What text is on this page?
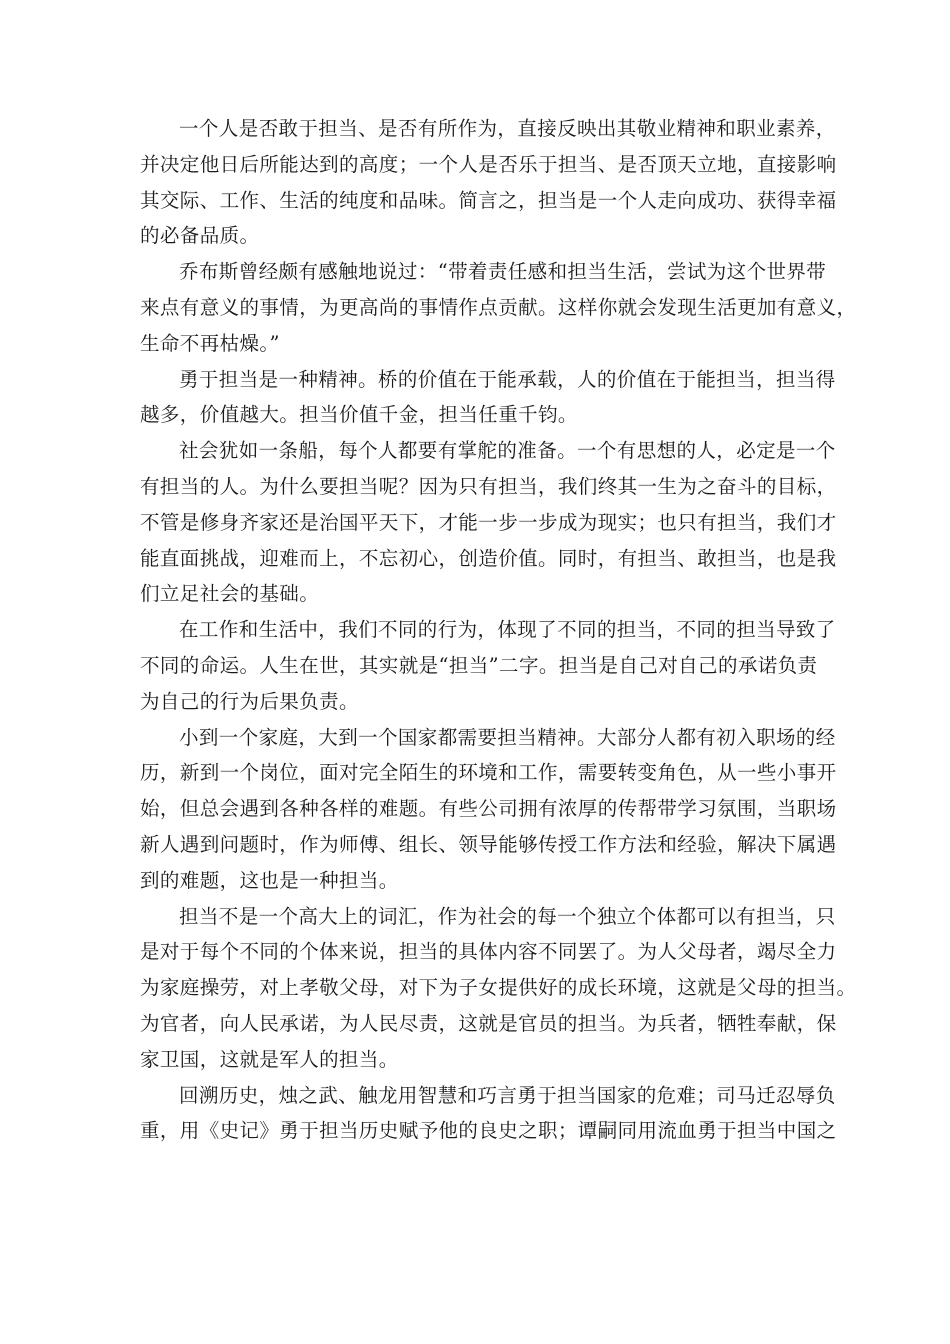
一个人是否敢于担当、是否有所作为，直接反映出其敬业精神和职业素养，
并决定他日后所能达到的高度；一个人是否乐于担当、是否顶天立地，直接影响
其交际、工作、生活的纯度和品味。简言之，担当是一个人走向成功、获得幸福
的必备品质。
乔布斯曾经颇有感触地说过：“带着责任感和担当生活，尝试为这个世界带
来点有意义的事情，为更高尚的事情作点贡献。这样你就会发现生活更加有意义，
生命不再枯燥。”
勇于担当是一种精神。桥的价值在于能承载，人的价值在于能担当，担当得
越多，价值越大。担当价值千金，担当任重千钧。
社会犹如一条船，每个人都要有掌舵的准备。一个有思想的人，必定是一个
有担当的人。为什么要担当呢？因为只有担当，我们终其一生为之奋斗的目标，
不管是修身齐家还是治国平天下，才能一步一步成为现实；也只有担当，我们才
能直面挑战，迎难而上，不忘初心，创造价值。同时，有担当、敢担当，也是我
们立足社会的基础。
在工作和生活中，我们不同的行为，体现了不同的担当，不同的担当导致了
不同的命运。人生在世，其实就是“担当”二字。担当是自己对自己的承诺负责
为自己的行为后果负责。
小到一个家庭，大到一个国家都需要担当精神。大部分人都有初入职场的经
历，新到一个岗位，面对完全陌生的环境和工作，需要转变角色，从一些小事开
始，但总会遇到各种各样的难题。有些公司拥有浓厚的传帮带学习氛围，当职场
新人遇到问题时，作为师傅、组长、领导能够传授工作方法和经验，解决下属遇
到的难题，这也是一种担当。
担当不是一个高大上的词汇，作为社会的每一个独立个体都可以有担当，只
是对于每个不同的个体来说，担当的具体内容不同罢了。为人父母者，竭尽全力
为家庭操劳，对上孝敬父母，对下为子女提供好的成长环境，这就是父母的担当。
为官者，向人民承诺，为人民尽责，这就是官员的担当。为兵者，牺牲奉献，保
家卫国，这就是军人的担当。
回溯历史，烛之武、触龙用智慧和巧言勇于担当国家的危难；司马迁忍辱负
重，用《史记》勇于担当历史赋予他的良史之职；谭嗣同用流血勇于担当中国之
